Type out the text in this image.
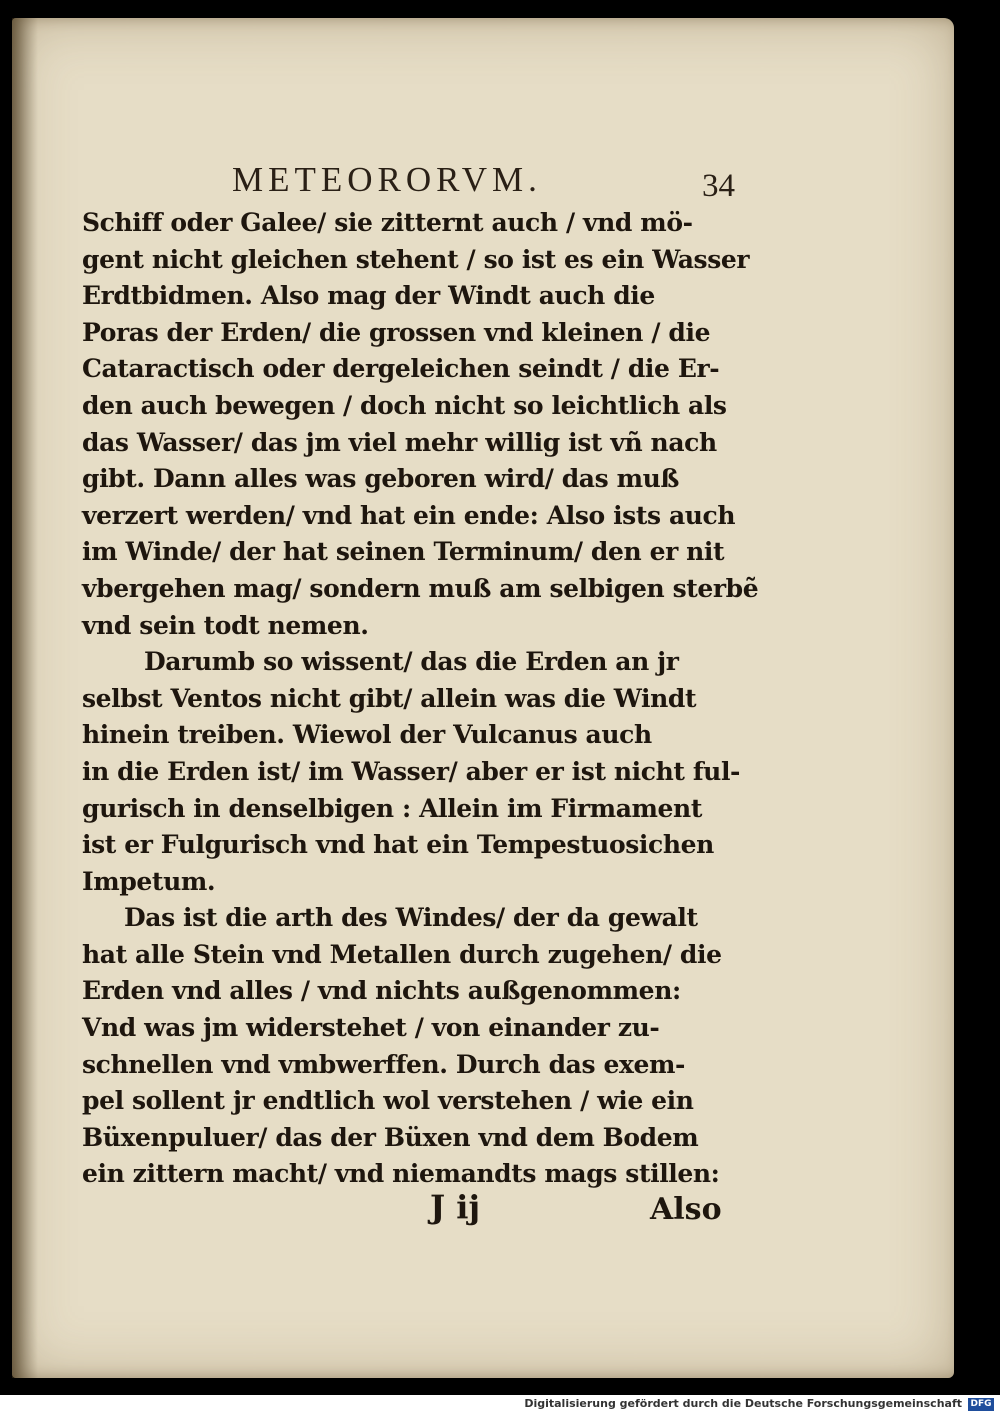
METEORORVM.	34
Schiff oder Galee/ sie zitternt auch / vnd mö-
gent nicht gleichen stehent / so ist es ein Wasser
Erdtbidmen. Also mag der Windt auch die
Poras der Erden/ die grossen vnd kleinen / die
Cataractisch oder dergeleichen seindt / die Er-
den auch bewegen / doch nicht so leichtlich als
das Wasser/ das jm viel mehr willig ist vñ nach
gibt. Dann alles was geboren wird/ das muß
verzert werden/ vnd hat ein ende: Also ists auch
im Winde/ der hat seinen Terminum/ den er nit
vbergehen mag/ sondern muß am selbigen sterbẽ
vnd sein todt nemen.
Darumb so wissent/ das die Erden an jr
selbst Ventos nicht gibt/ allein was die Windt
hinein treiben. Wiewol der Vulcanus auch
in die Erden ist/ im Wasser/ aber er ist nicht ful-
gurisch in denselbigen : Allein im Firmament
ist er Fulgurisch vnd hat ein Tempestuosichen
Impetum.
Das ist die arth des Windes/ der da gewalt
hat alle Stein vnd Metallen durch zugehen/ die
Erden vnd alles / vnd nichts außgenommen:
Vnd was jm widerstehet / von einander zu-
schnellen vnd vmbwerffen. Durch das exem-
pel sollent jr endtlich wol verstehen / wie ein
Büxenpuluer/ das der Büxen vnd dem Bodem
ein zittern macht/ vnd niemandts mags stillen:
J ij	Also
Digitalisierung gefördert durch die Deutsche Forschungsgemeinschaft DFG
